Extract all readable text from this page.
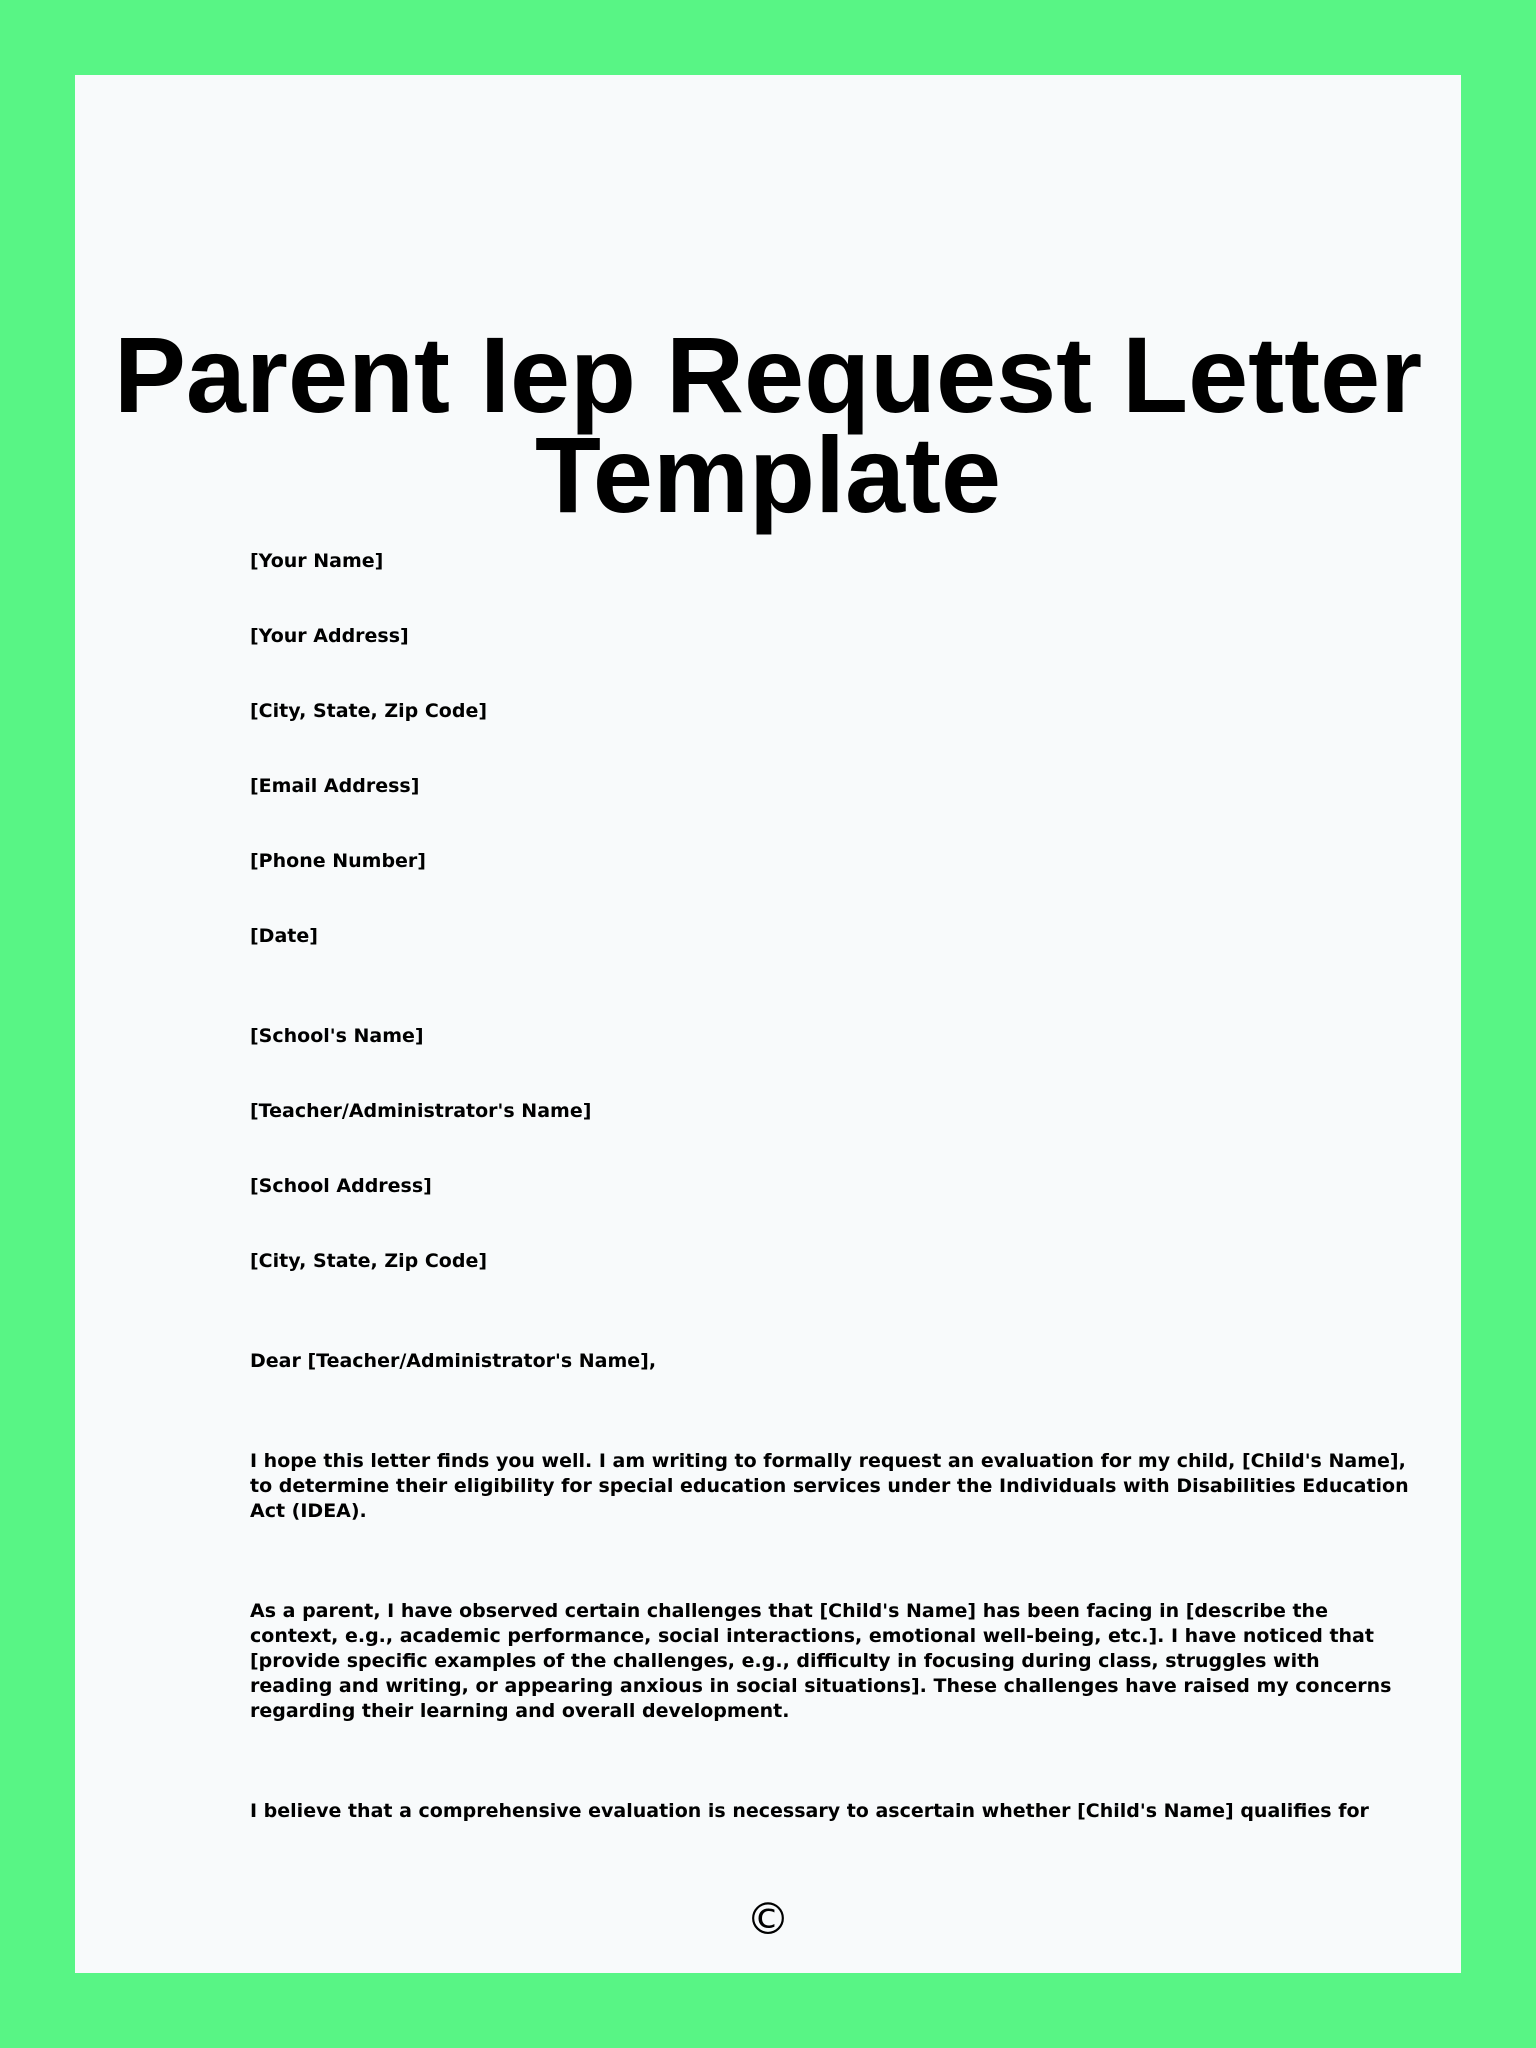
Parent Iep Request Letter
Template

[Your Name]

[Your Address]

[City, State, Zip Code]

[Email Address]

[Phone Number]

[Date]

[School's Name]

[Teacher/Administrator's Name]

[School Address]

[City, State, Zip Code]

Dear [Teacher/Administrator's Name],

I hope this letter finds you well. I am writing to formally request an evaluation for my child, [Child's Name],
to determine their eligibility for special education services under the Individuals with Disabilities Education
Act (IDEA).

As a parent, I have observed certain challenges that [Child's Name] has been facing in [describe the
context, e.g., academic performance, social interactions, emotional well-being, etc.]. I have noticed that
[provide specific examples of the challenges, e.g., difficulty in focusing during class, struggles with
reading and writing, or appearing anxious in social situations]. These challenges have raised my concerns
regarding their learning and overall development.

I believe that a comprehensive evaluation is necessary to ascertain whether [Child's Name] qualifies for

©
